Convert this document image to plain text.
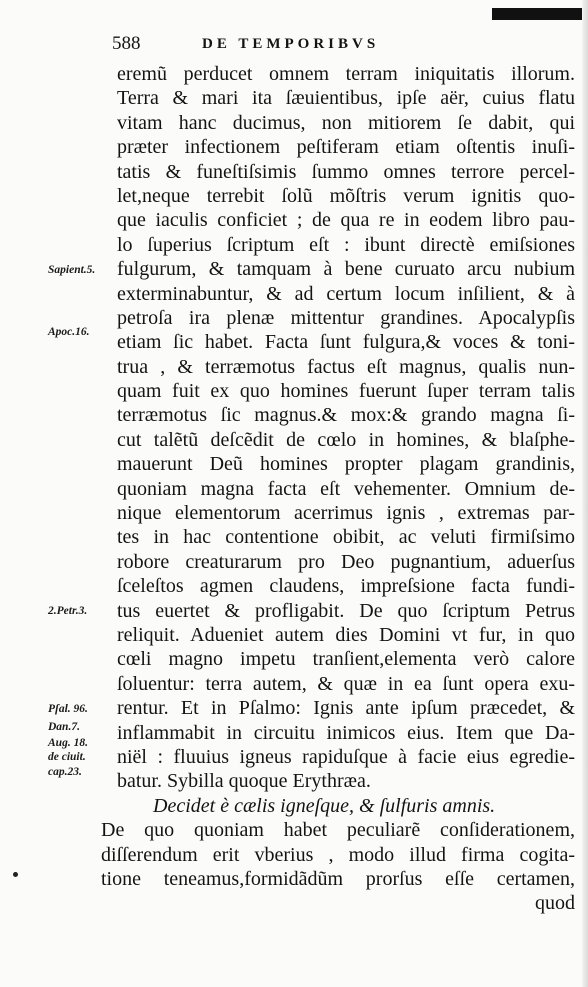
588	DE TEMPORIBVS
eremũ perducet omnem terram iniquitatis illorum.
Terra & mari ita ſæuientibus, ipſe aër, cuius flatu
vitam hanc ducimus, non mitiorem ſe dabit, qui
præter infectionem peſtiferam etiam oſtentis inuſi-
tatis & funeſtiſsimis ſummo omnes terrore percel-
let,neque terrebit ſolũ mõſtris verum ignitis quo-
que iaculis conficiet ; de qua re in eodem libro pau-
lo ſuperius ſcriptum eſt : ibunt directè emiſsiones
fulgurum, & tamquam à bene curuato arcu nubium
exterminabuntur, & ad certum locum inſilient, & à
petroſa ira plenæ mittentur grandines. Apocalypſis
etiam ſic habet. Facta ſunt fulgura,& voces & toni-
trua , & terræmotus factus eſt magnus, qualis nun-
quam fuit ex quo homines fuerunt ſuper terram talis
terræmotus ſic magnus.& mox:& grando magna ſi-
cut talẽtũ deſcẽdit de cœlo in homines, & blaſphe-
mauerunt Deũ homines propter plagam grandinis,
quoniam magna facta eſt vehementer. Omnium de-
nique elementorum acerrimus ignis , extremas par-
tes in hac contentione obibit, ac veluti firmiſsimo
robore creaturarum pro Deo pugnantium, aduerſus
ſceleſtos agmen claudens, impreſsione facta fundi-
tus euertet & profligabit. De quo ſcriptum Petrus
reliquit. Adueniet autem dies Domini vt fur, in quo
cœli magno impetu tranſient,elementa verò calore
ſoluentur: terra autem, & quæ in ea ſunt opera exu-
rentur. Et in Pſalmo: Ignis ante ipſum præcedet, &
inflammabit in circuitu inimicos eius. Item que Da-
niël : fluuius igneus rapiduſque à facie eius egredie-
batur. Sybilla quoque Erythræa.
Decidet è cælis igneſque, & ſulfuris amnis.
De quo quoniam habet peculiarẽ conſiderationem,
diſſerendum erit vberius , modo illud firma cogita-
tione teneamus,formidãdũm prorſus eſſe certamen,
quod
Sapient.5.
Apoc.16.
2.Petr.3.
Pſal. 96.
Dan.7.
Aug. 18.
de ciuit.
cap.23.
